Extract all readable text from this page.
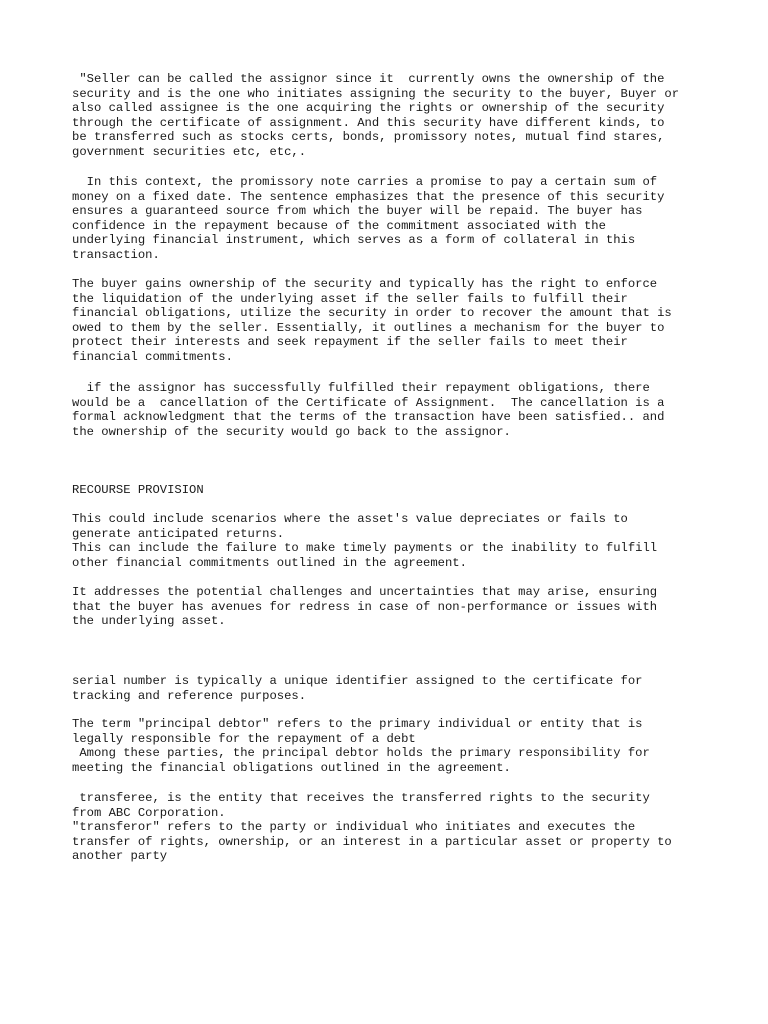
"Seller can be called the assignor since it  currently owns the ownership of the
security and is the one who initiates assigning the security to the buyer, Buyer or
also called assignee is the one acquiring the rights or ownership of the security
through the certificate of assignment. And this security have different kinds, to
be transferred such as stocks certs, bonds, promissory notes, mutual find stares,
government securities etc, etc,.
In this context, the promissory note carries a promise to pay a certain sum of
money on a fixed date. The sentence emphasizes that the presence of this security
ensures a guaranteed source from which the buyer will be repaid. The buyer has
confidence in the repayment because of the commitment associated with the
underlying financial instrument, which serves as a form of collateral in this
transaction.
The buyer gains ownership of the security and typically has the right to enforce
the liquidation of the underlying asset if the seller fails to fulfill their
financial obligations, utilize the security in order to recover the amount that is
owed to them by the seller. Essentially, it outlines a mechanism for the buyer to
protect their interests and seek repayment if the seller fails to meet their
financial commitments.
if the assignor has successfully fulfilled their repayment obligations, there
would be a  cancellation of the Certificate of Assignment.  The cancellation is a
formal acknowledgment that the terms of the transaction have been satisfied.. and
the ownership of the security would go back to the assignor.
RECOURSE PROVISION
This could include scenarios where the asset's value depreciates or fails to
generate anticipated returns.
This can include the failure to make timely payments or the inability to fulfill
other financial commitments outlined in the agreement.
It addresses the potential challenges and uncertainties that may arise, ensuring
that the buyer has avenues for redress in case of non-performance or issues with
the underlying asset.
serial number is typically a unique identifier assigned to the certificate for
tracking and reference purposes.
The term "principal debtor" refers to the primary individual or entity that is
legally responsible for the repayment of a debt
Among these parties, the principal debtor holds the primary responsibility for
meeting the financial obligations outlined in the agreement.
transferee, is the entity that receives the transferred rights to the security
from ABC Corporation.
"transferor" refers to the party or individual who initiates and executes the
transfer of rights, ownership, or an interest in a particular asset or property to
another party
